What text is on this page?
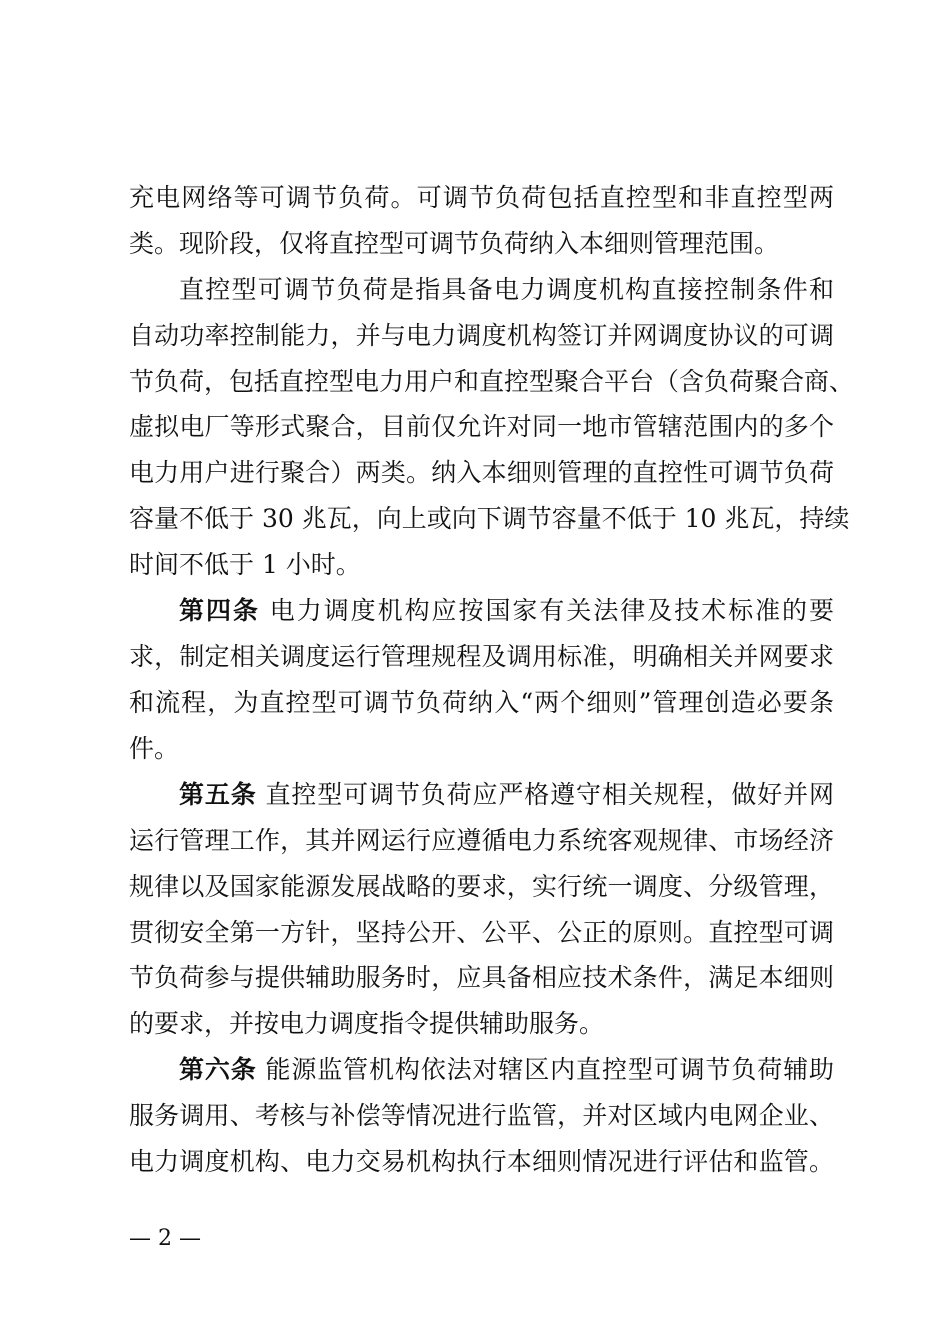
充电网络等可调节负荷。可调节负荷包括直控型和非直控型两
类。现阶段，仅将直控型可调节负荷纳入本细则管理范围。
直控型可调节负荷是指具备电力调度机构直接控制条件和
自动功率控制能力，并与电力调度机构签订并网调度协议的可调
节负荷，包括直控型电力用户和直控型聚合平台（含负荷聚合商、
虚拟电厂等形式聚合，目前仅允许对同一地市管辖范围内的多个
电力用户进行聚合）两类。纳入本细则管理的直控性可调节负荷
容量不低于 30 兆瓦，向上或向下调节容量不低于 10 兆瓦，持续
时间不低于 1 小时。
第四条 电力调度机构应按国家有关法律及技术标准的要
求，制定相关调度运行管理规程及调用标准，明确相关并网要求
和流程，为直控型可调节负荷纳入“两个细则”管理创造必要条
件。
第五条 直控型可调节负荷应严格遵守相关规程，做好并网
运行管理工作，其并网运行应遵循电力系统客观规律、市场经济
规律以及国家能源发展战略的要求，实行统一调度、分级管理，
贯彻安全第一方针，坚持公开、公平、公正的原则。直控型可调
节负荷参与提供辅助服务时，应具备相应技术条件，满足本细则
的要求，并按电力调度指令提供辅助服务。
第六条 能源监管机构依法对辖区内直控型可调节负荷辅助
服务调用、考核与补偿等情况进行监管，并对区域内电网企业、
电力调度机构、电力交易机构执行本细则情况进行评估和监管。
— 2 —
